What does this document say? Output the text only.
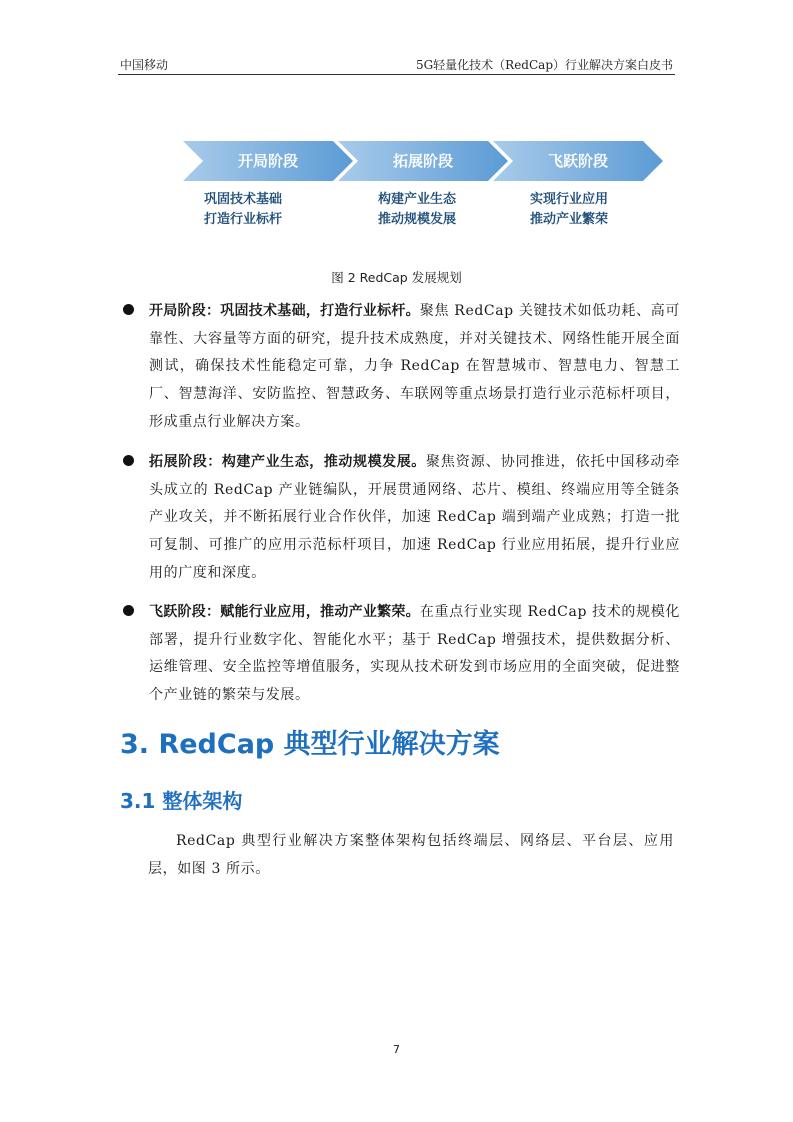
中国移动	5G轻量化技术（RedCap）行业解决方案白皮书
开局阶段	拓展阶段	飞跃阶段
巩固技术基础
打造行业标杆
构建产业生态
推动规模发展
实现行业应用
推动产业繁荣
图 2 RedCap 发展规划
开局阶段：巩固技术基础，打造行业标杆。聚焦 RedCap 关键技术如低功耗、高可靠性、大容量等方面的研究，提升技术成熟度，并对关键技术、网络性能开展全面测试，确保技术性能稳定可靠，力争 RedCap 在智慧城市、智慧电力、智慧工厂、智慧海洋、安防监控、智慧政务、车联网等重点场景打造行业示范标杆项目，形成重点行业解决方案。
拓展阶段：构建产业生态，推动规模发展。聚焦资源、协同推进，依托中国移动牵头成立的 RedCap 产业链编队，开展贯通网络、芯片、模组、终端应用等全链条产业攻关，并不断拓展行业合作伙伴，加速 RedCap 端到端产业成熟；打造一批可复制、可推广的应用示范标杆项目，加速 RedCap 行业应用拓展，提升行业应用的广度和深度。
飞跃阶段：赋能行业应用，推动产业繁荣。在重点行业实现 RedCap 技术的规模化部署，提升行业数字化、智能化水平；基于 RedCap 增强技术，提供数据分析、运维管理、安全监控等增值服务，实现从技术研发到市场应用的全面突破，促进整个产业链的繁荣与发展。
3. RedCap 典型行业解决方案
3.1 整体架构
RedCap 典型行业解决方案整体架构包括终端层、网络层、平台层、应用层，如图 3 所示。
7
